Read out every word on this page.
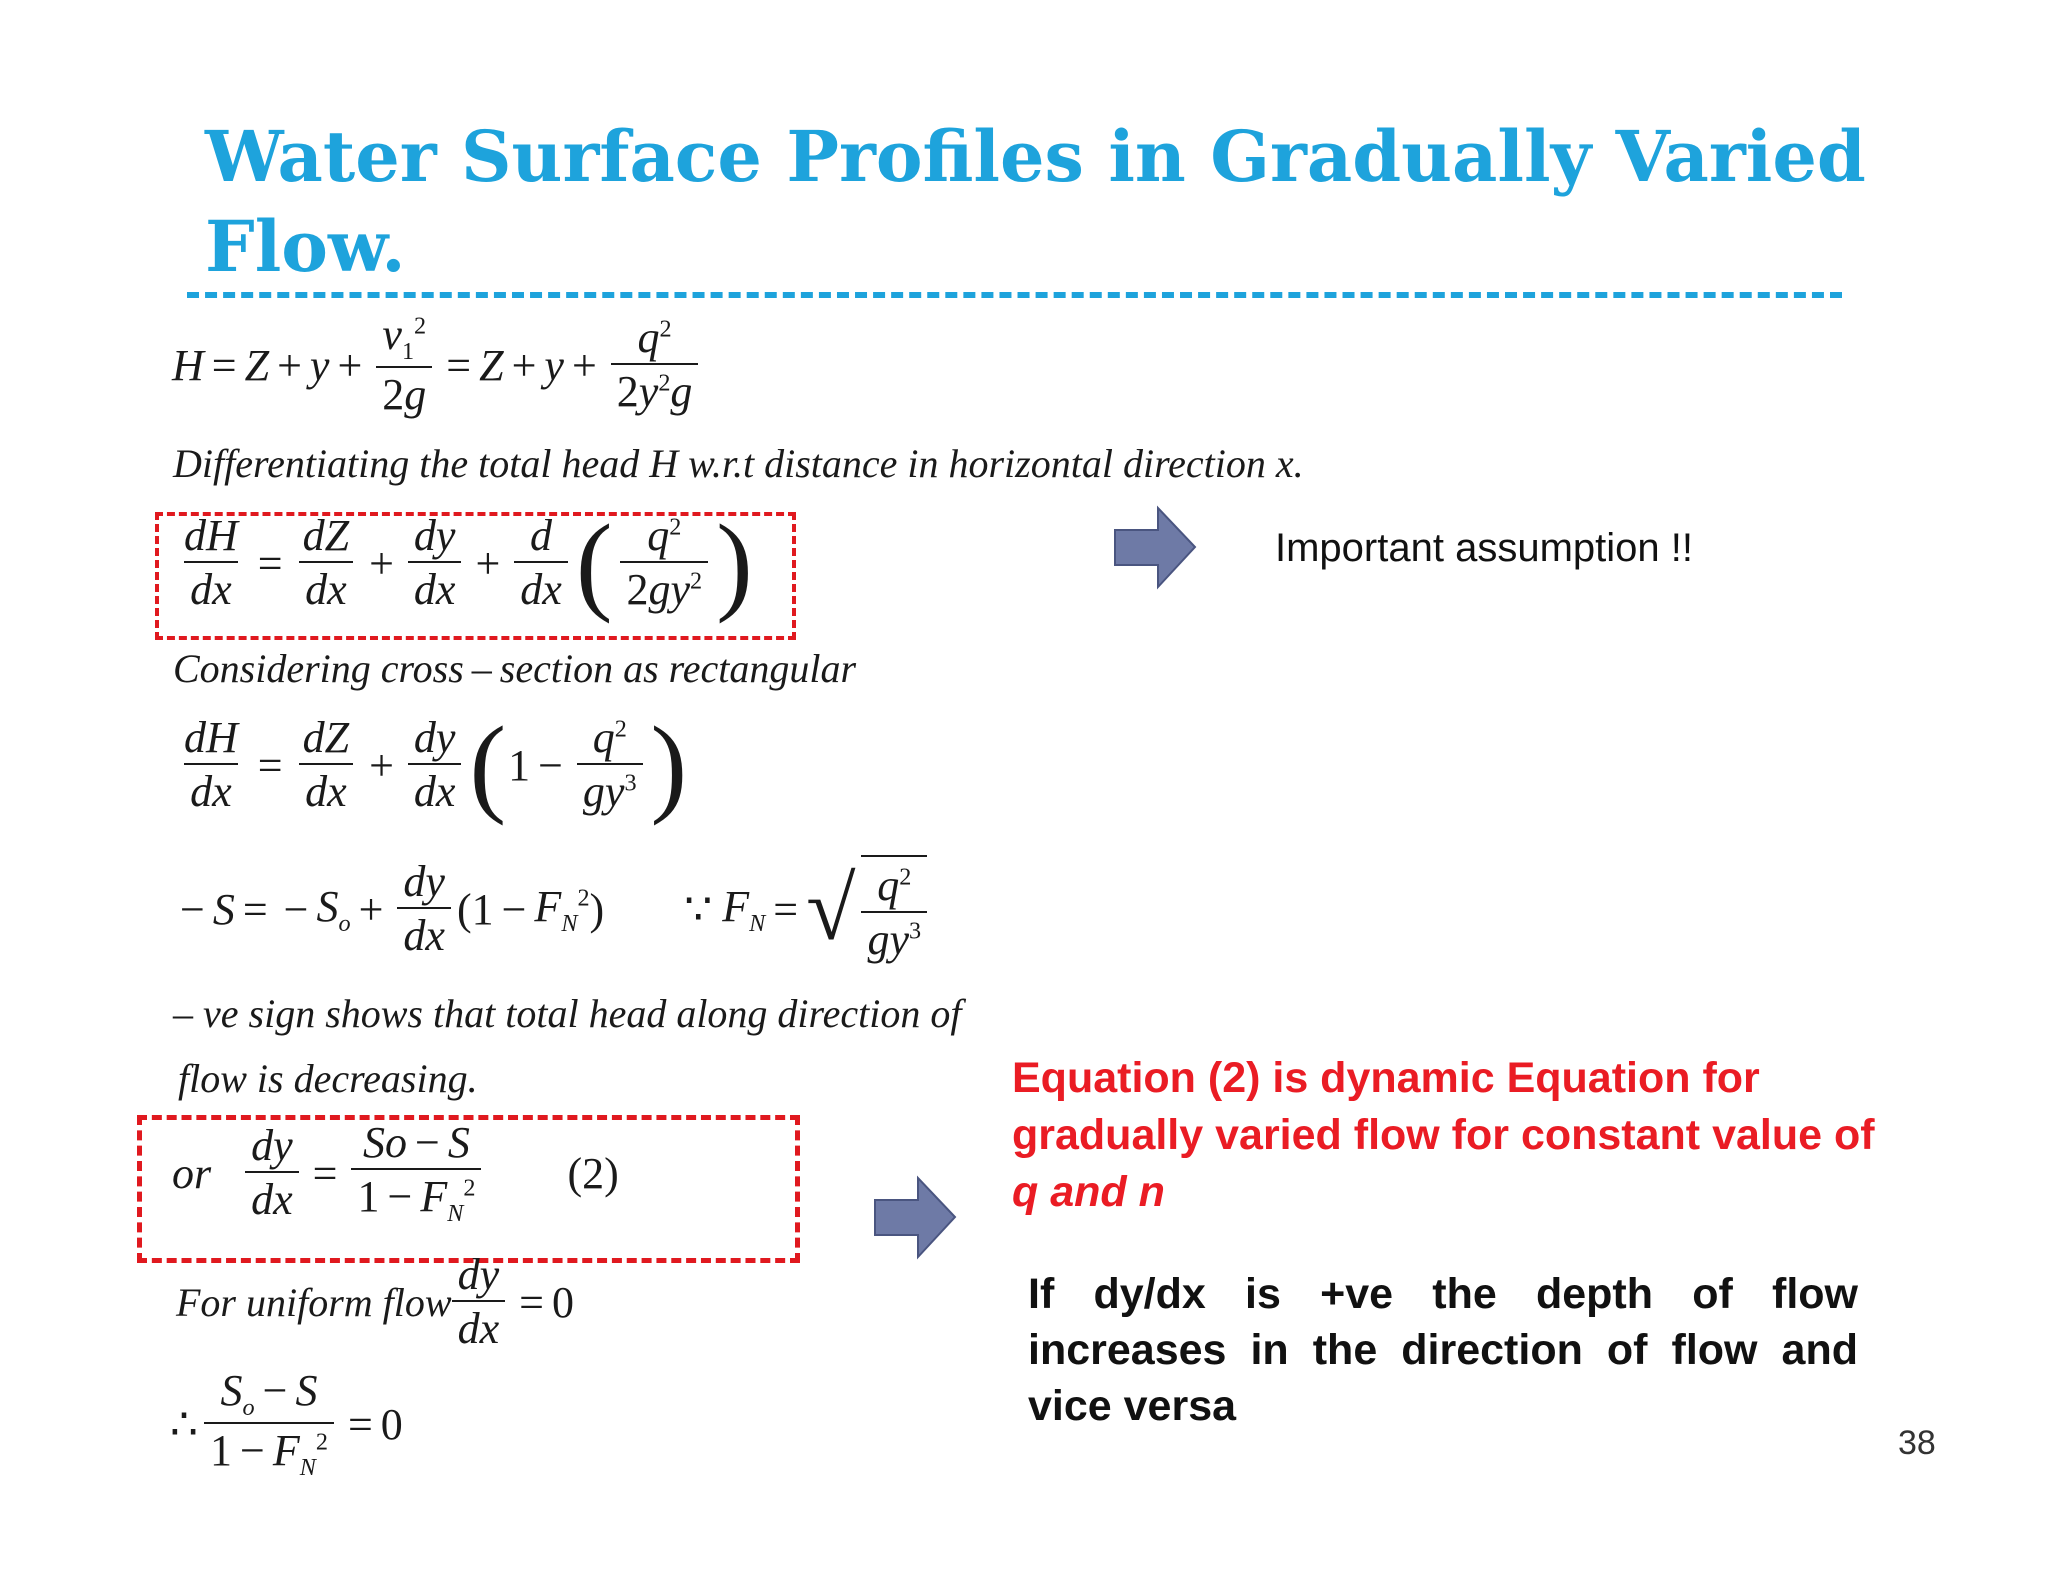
Water Surface Profiles in Gradually Varied Flow.
$H = Z + y + \frac{v_1^2}{2g} = Z + y + \frac{q^2}{2y^2g}$

Differentiating the total head H w.r.t distance in horizontal direction x.

$\frac{dH}{dx} = \frac{dZ}{dx} + \frac{dy}{dx} + \frac{d}{dx}$ ( $\frac{q^2}{2gy^2}$ )	Important assumption !!

Considering cross – section as rectangular

$\frac{dH}{dx} = \frac{dZ}{dx} + \frac{dy}{dx}$ ( $1 - \frac{q^2}{gy^3}$ )
− S = − $S_o + \frac{dy}{dx} (1 - F_N^2$ ) ∵ $F_N$ = √ $\frac{q^2}{gy^3}$

– ve sign shows that total head along direction of

flow is decreasing.

or $\frac{dy}{dx} = \frac{So - S}{1 - F_N^2} (2)$
Equation (2) is dynamic Equation for gradually varied flow for constant value of q and n
For uniform flow $\frac{dy}{dx} = 0$	If dy/dx is +ve the depth of flow increases in the direction of flow and vice versa
∴ $\frac{S_o - S}{1 - F_N^2} = 0$	38
